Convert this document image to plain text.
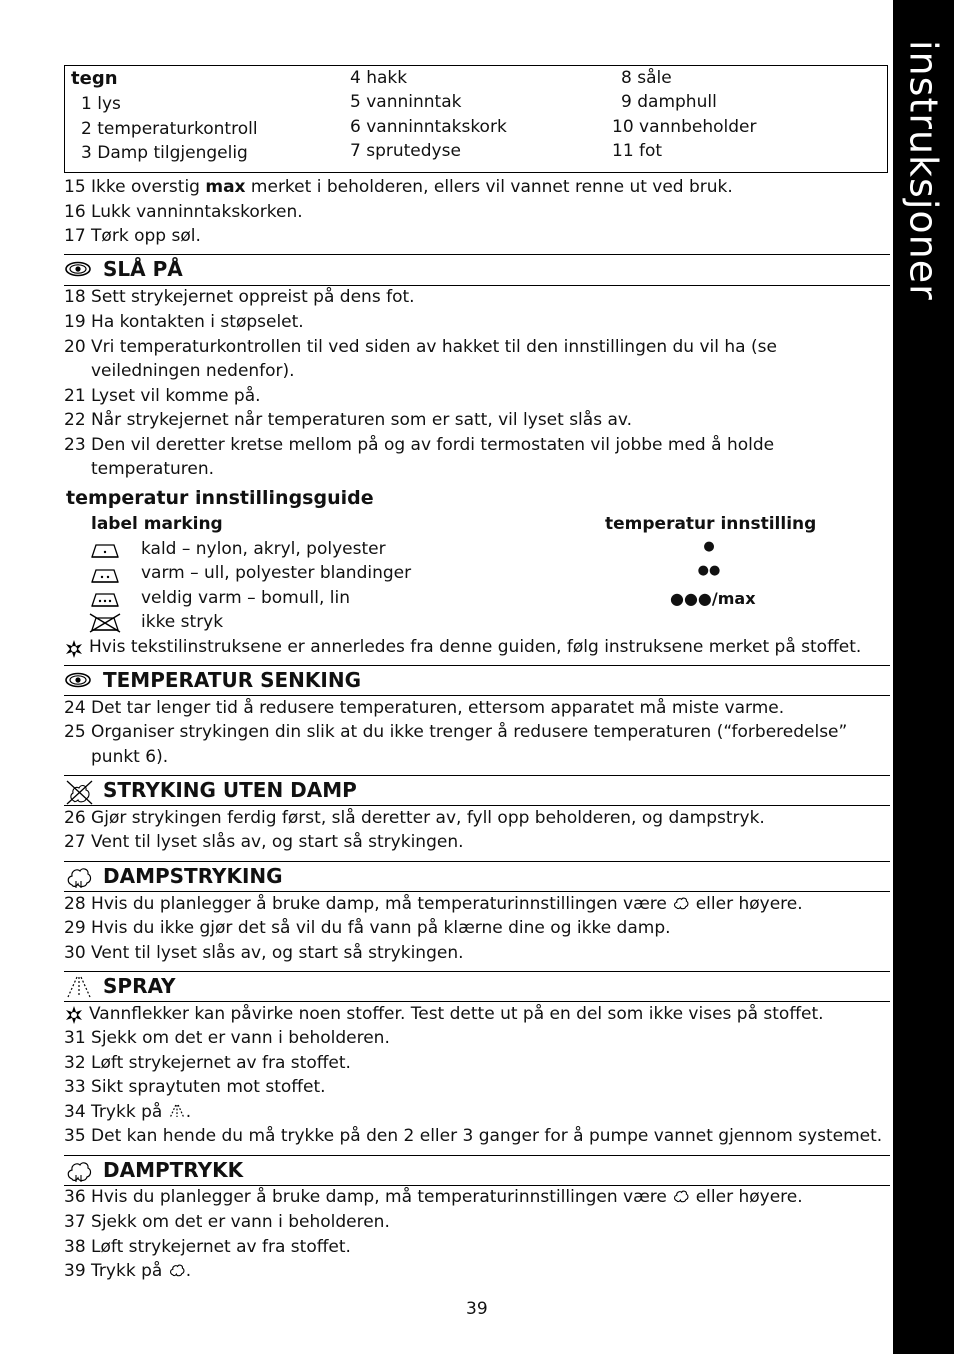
instruksjoner
tegn
1 lys
2 temperaturkontroll
3 Damp tilgjengelig
4 hakk
5 vanninntak
6 vanninntakskork
7 sprutedyse
8 såle
9 damphull
10 vannbeholder
11 fot
15 Ikke overstig max merket i beholderen, ellers vil vannet renne ut ved bruk.
16 Lukk vanninntakskorken.
17 Tørk opp søl.
SLÅ PÅ
18 Sett strykejernet oppreist på dens fot.
19 Ha kontakten i støpselet.
20 Vri temperaturkontrollen til ved siden av hakket til den innstillingen du vil ha (se
veiledningen nedenfor).
21 Lyset vil komme på.
22 Når strykejernet når temperaturen som er satt, vil lyset slås av.
23 Den vil deretter kretse mellom på og av fordi termostaten vil jobbe med å holde
temperaturen.
temperatur innstillingsguide
label marking	temperatur innstilling
kald – nylon, akryl, polyester	●
varm – ull, polyester blandinger	●●
veldig varm – bomull, lin	●●●/max
ikke stryk
Hvis tekstilinstruksene er annerledes fra denne guiden, følg instruksene merket på stoffet.
TEMPERATUR SENKING
24 Det tar lenger tid å redusere temperaturen, ettersom apparatet må miste varme.
25 Organiser strykingen din slik at du ikke trenger å redusere temperaturen (“forberedelse”
punkt 6).
STRYKING UTEN DAMP
26 Gjør strykingen ferdig først, slå deretter av, fyll opp beholderen, og dampstryk.
27 Vent til lyset slås av, og start så strykingen.
DAMPSTRYKING
28 Hvis du planlegger å bruke damp, må temperaturinnstillingen være  eller høyere.
29 Hvis du ikke gjør det så vil du få vann på klærne dine og ikke damp.
30 Vent til lyset slås av, og start så strykingen.
SPRAY
Vannflekker kan påvirke noen stoffer. Test dette ut på en del som ikke vises på stoffet.
31 Sjekk om det er vann i beholderen.
32 Løft strykejernet av fra stoffet.
33 Sikt spraytuten mot stoffet.
34 Trykk på .
35 Det kan hende du må trykke på den 2 eller 3 ganger for å pumpe vannet gjennom systemet.
DAMPTRYKK
36 Hvis du planlegger å bruke damp, må temperaturinnstillingen være  eller høyere.
37 Sjekk om det er vann i beholderen.
38 Løft strykejernet av fra stoffet.
39 Trykk på .
39
